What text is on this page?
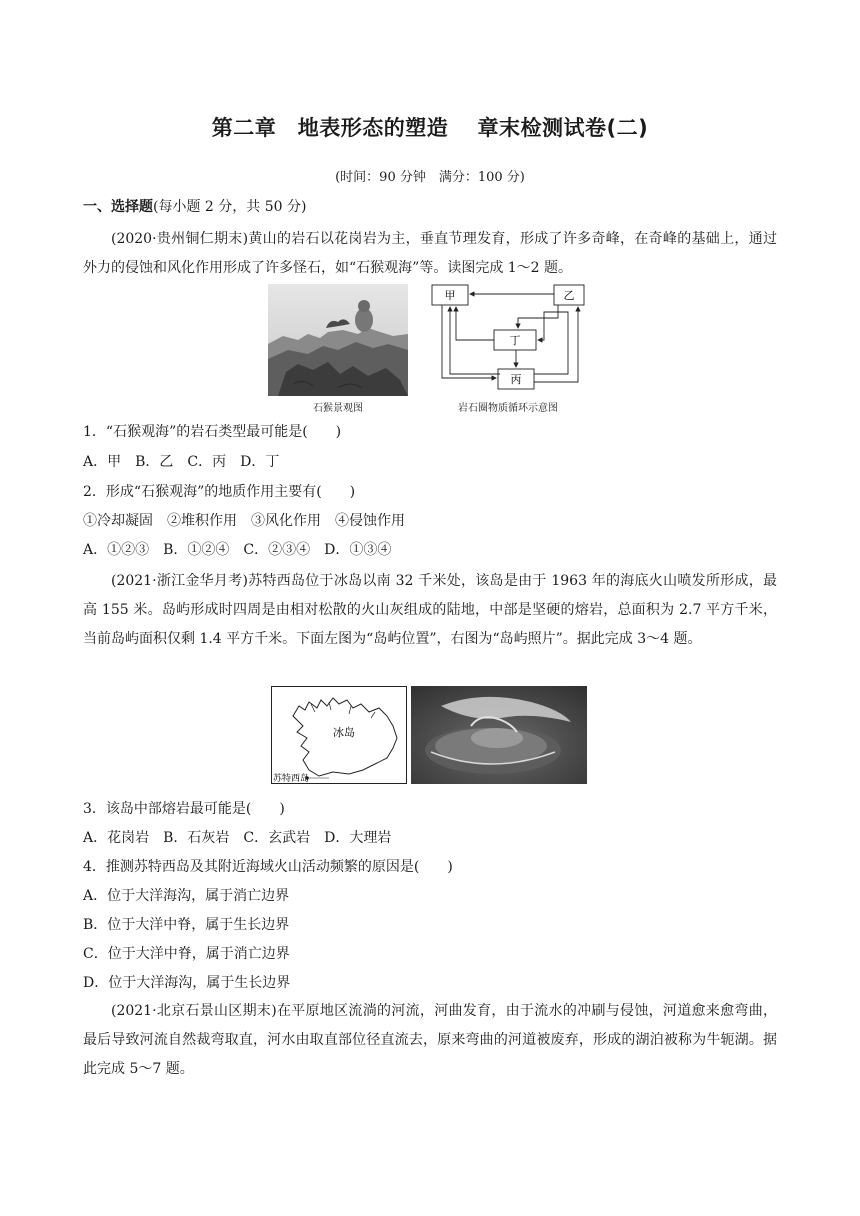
第二章　地表形态的塑造　 章末检测试卷(二)
(时间：90 分钟　满分：100 分)
一、选择题(每小题 2 分，共 50 分)
(2020·贵州铜仁期末)黄山的岩石以花岗岩为主，垂直节理发育，形成了许多奇峰，在奇峰的基础上，通过外力的侵蚀和风化作用形成了许多怪石，如“石猴观海”等。读图完成 1～2 题。
石猴景观图
甲	乙
丁
丙
岩石圈物质循环示意图
1．“石猴观海”的岩石类型最可能是(　　)
A．甲　B．乙　C．丙　D．丁
2．形成“石猴观海”的地质作用主要有(　　)
①冷却凝固　②堆积作用　③风化作用　④侵蚀作用
A．①②③　B．①②④　C．②③④　D．①③④
(2021·浙江金华月考)苏特西岛位于冰岛以南 32 千米处，该岛是由于 1963 年的海底火山喷发所形成，最高 155 米。岛屿形成时四周是由相对松散的火山灰组成的陆地，中部是坚硬的熔岩，总面积为 2.7 平方千米，当前岛屿面积仅剩 1.4 平方千米。下面左图为“岛屿位置”，右图为“岛屿照片”。据此完成 3～4 题。
冰岛
苏特西岛
3．该岛中部熔岩最可能是(　　)
A．花岗岩　B．石灰岩　C．玄武岩　D．大理岩
4．推测苏特西岛及其附近海域火山活动频繁的原因是(　　)
A．位于大洋海沟，属于消亡边界
B．位于大洋中脊，属于生长边界
C．位于大洋中脊，属于消亡边界
D．位于大洋海沟，属于生长边界
(2021·北京石景山区期末)在平原地区流淌的河流，河曲发育，由于流水的冲刷与侵蚀，河道愈来愈弯曲，最后导致河流自然裁弯取直，河水由取直部位径直流去，原来弯曲的河道被废弃，形成的湖泊被称为牛轭湖。据此完成 5～7 题。
